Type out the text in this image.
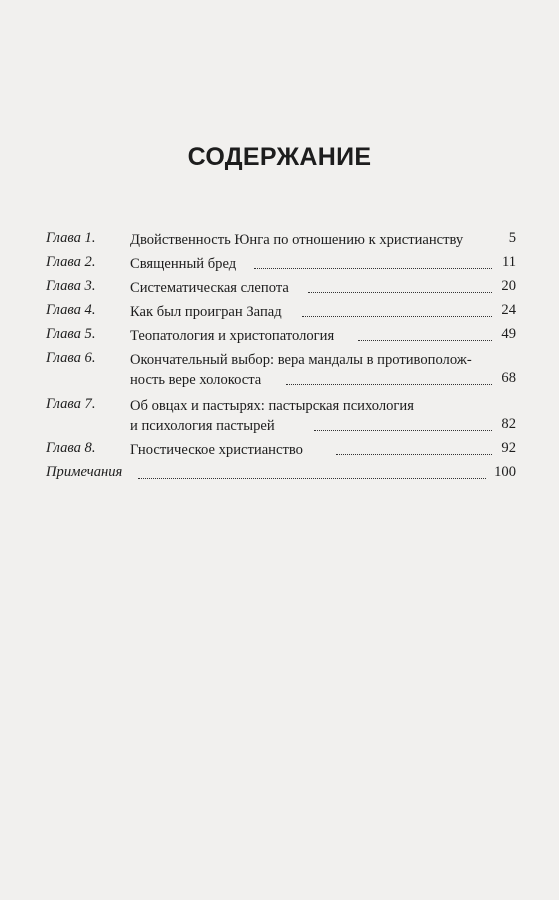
СОДЕРЖАНИЕ
Глава 1. Двойственность Юнга по отношению к христианству	5
Глава 2. Священный бред	11
Глава 3. Систематическая слепота	20
Глава 4. Как был проигран Запад	24
Глава 5. Теопатология и христопатология	49
Глава 6. Окончательный выбор: вера мандалы в противополож-
ность вере холокоста	68
Глава 7. Об овцах и пастырях: пастырская психология
и психология пастырей	82
Глава 8. Гностическое христианство	92
Примечания	100
